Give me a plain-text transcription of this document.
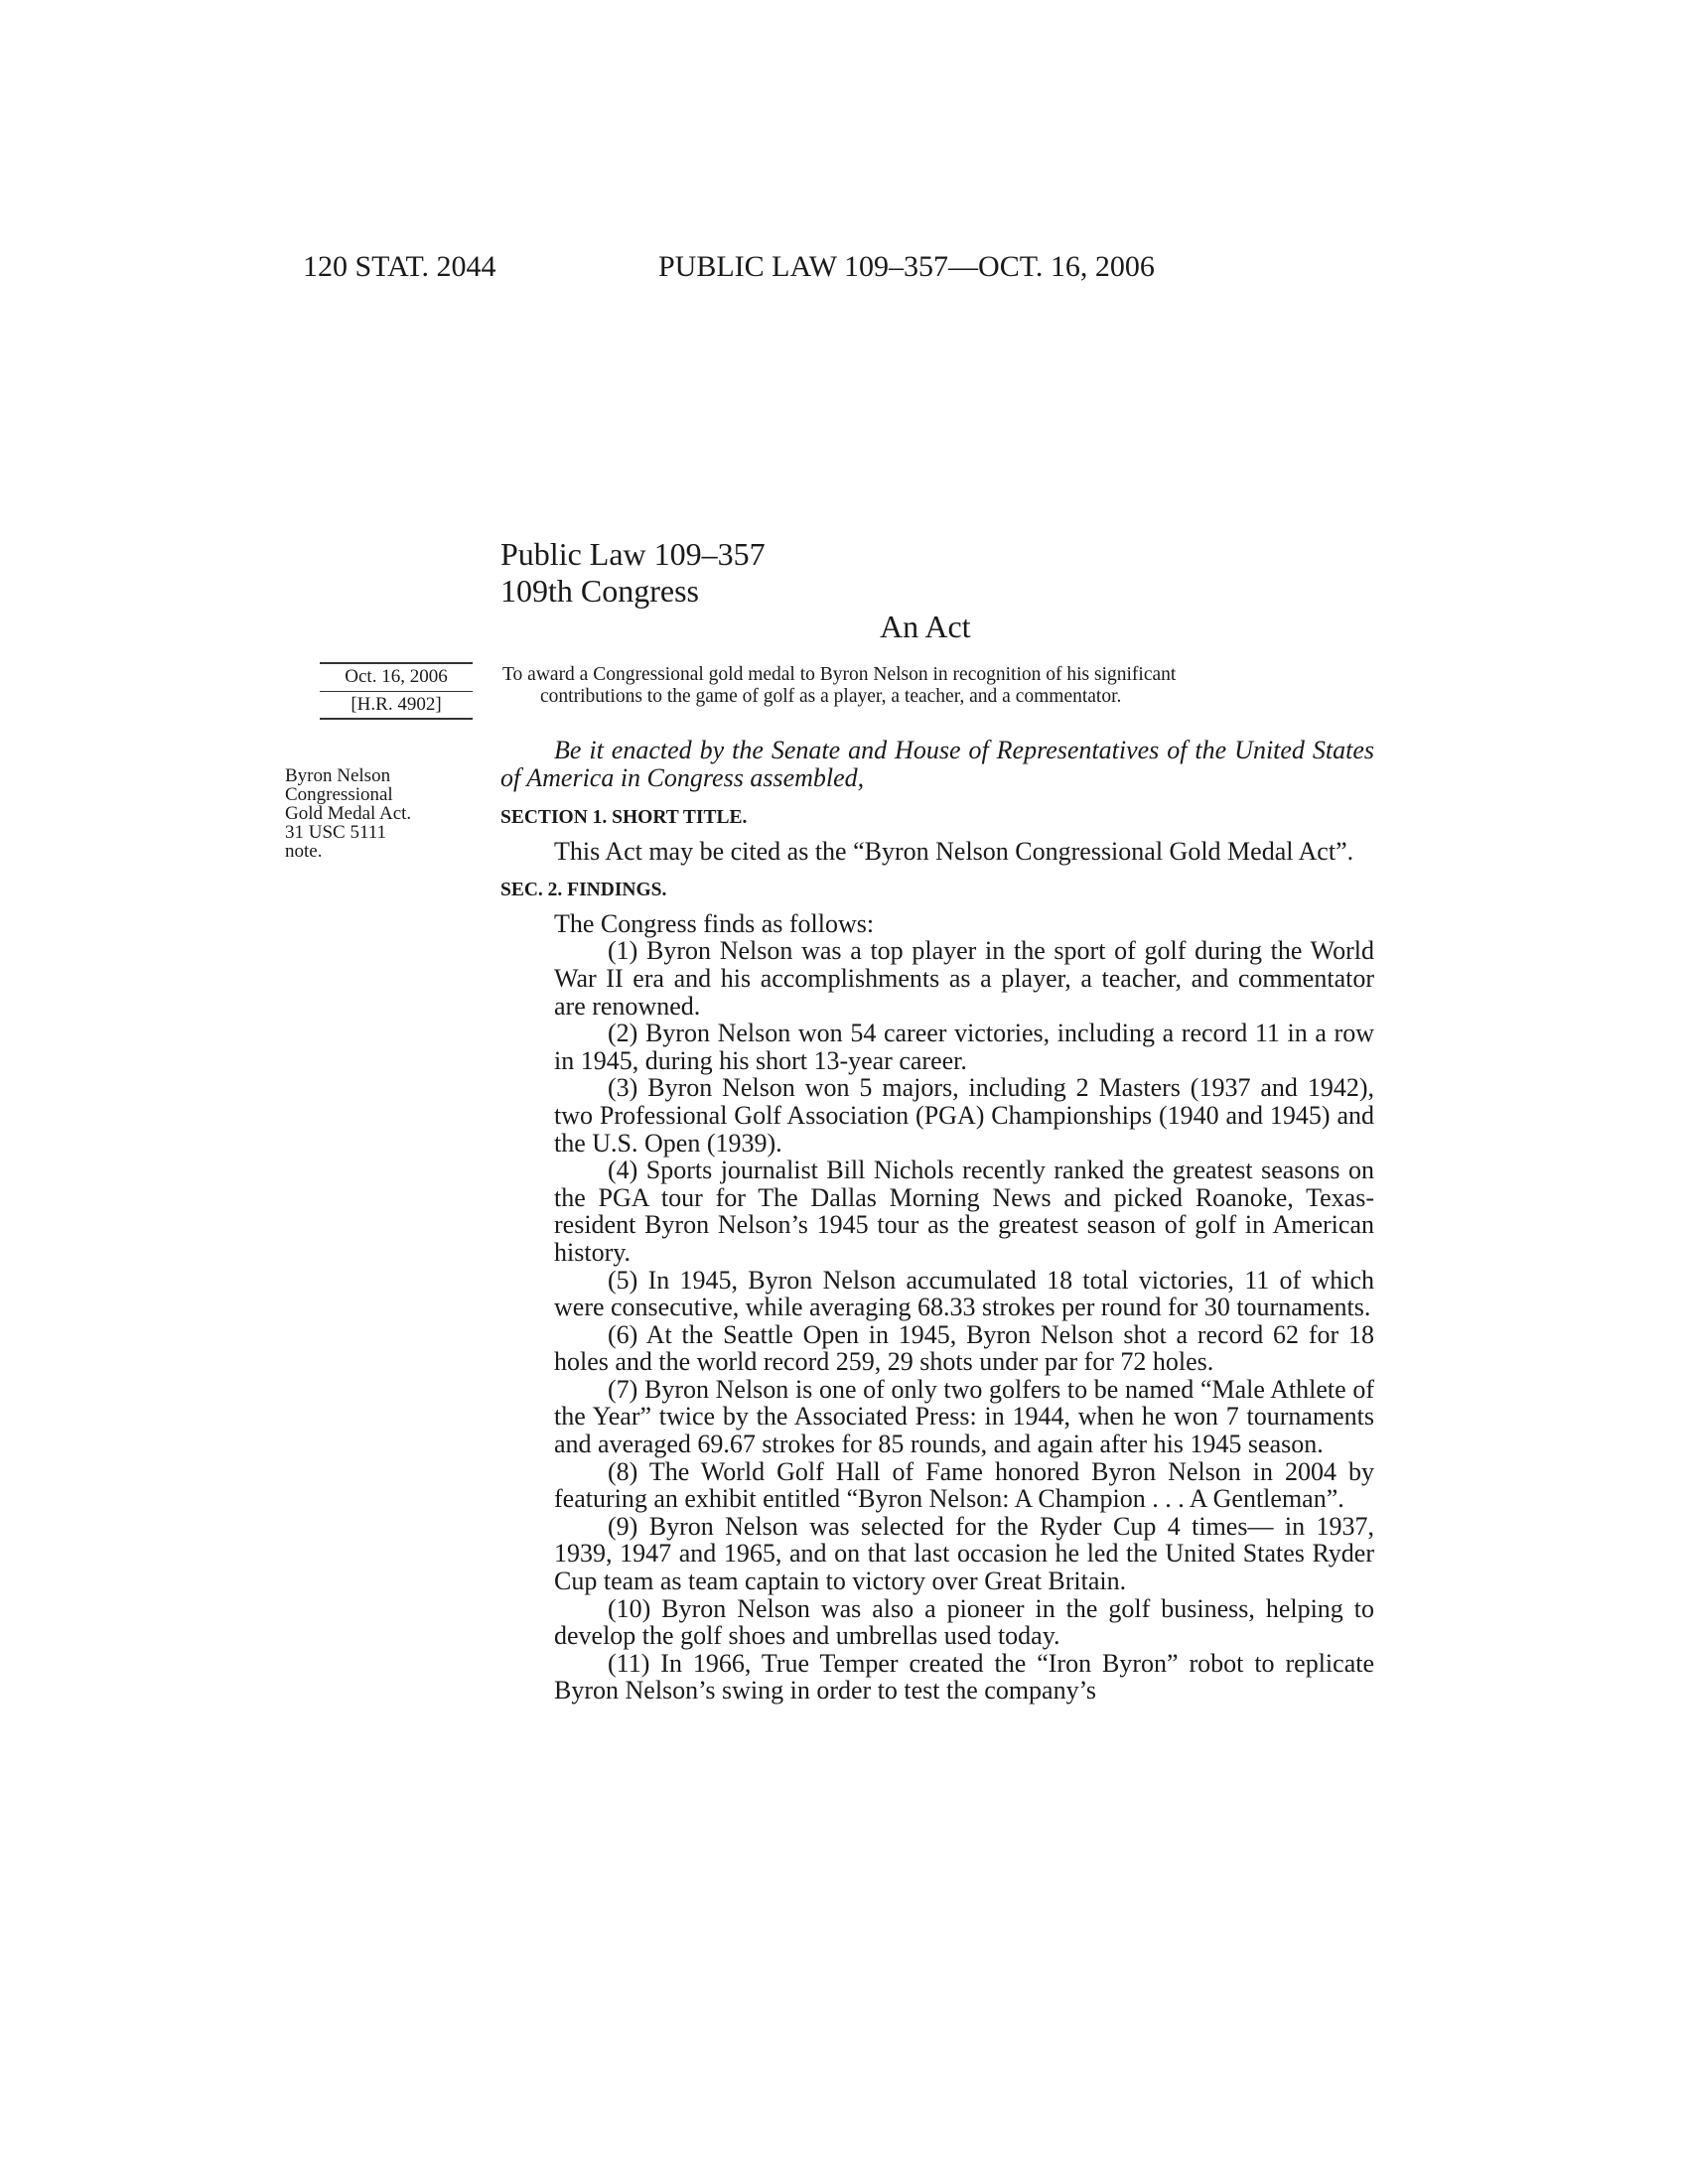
120 STAT. 2044	PUBLIC LAW 109–357—OCT. 16, 2006
Public Law 109–357
109th Congress
An Act
Oct. 16, 2006
[H.R. 4902]
Byron Nelson
Congressional
Gold Medal Act.
31 USC 5111
note.
To award a Congressional gold medal to Byron Nelson in recognition of his significant
contributions to the game of golf as a player, a teacher, and a commentator.

Be it enacted by the Senate and House of Representatives of the United States of America in Congress assembled,

SECTION 1. SHORT TITLE.

This Act may be cited as the “Byron Nelson Congressional Gold Medal Act”.

SEC. 2. FINDINGS.

The Congress finds as follows:

(1) Byron Nelson was a top player in the sport of golf during the World War II era and his accomplishments as a player, a teacher, and commentator are renowned.

(2) Byron Nelson won 54 career victories, including a record 11 in a row in 1945, during his short 13-year career.

(3) Byron Nelson won 5 majors, including 2 Masters (1937 and 1942), two Professional Golf Association (PGA) Championships (1940 and 1945) and the U.S. Open (1939).

(4) Sports journalist Bill Nichols recently ranked the greatest seasons on the PGA tour for The Dallas Morning News and picked Roanoke, Texas-resident Byron Nelson’s 1945 tour as the greatest season of golf in American history.

(5) In 1945, Byron Nelson accumulated 18 total victories, 11 of which were consecutive, while averaging 68.33 strokes per round for 30 tournaments.

(6) At the Seattle Open in 1945, Byron Nelson shot a record 62 for 18 holes and the world record 259, 29 shots under par for 72 holes.

(7) Byron Nelson is one of only two golfers to be named “Male Athlete of the Year” twice by the Associated Press: in 1944, when he won 7 tournaments and averaged 69.67 strokes for 85 rounds, and again after his 1945 season.

(8) The World Golf Hall of Fame honored Byron Nelson in 2004 by featuring an exhibit entitled “Byron Nelson: A Champion . . . A Gentleman”.

(9) Byron Nelson was selected for the Ryder Cup 4 times— in 1937, 1939, 1947 and 1965, and on that last occasion he led the United States Ryder Cup team as team captain to victory over Great Britain.

(10) Byron Nelson was also a pioneer in the golf business, helping to develop the golf shoes and umbrellas used today.

(11) In 1966, True Temper created the “Iron Byron” robot to replicate Byron Nelson’s swing in order to test the company’s
